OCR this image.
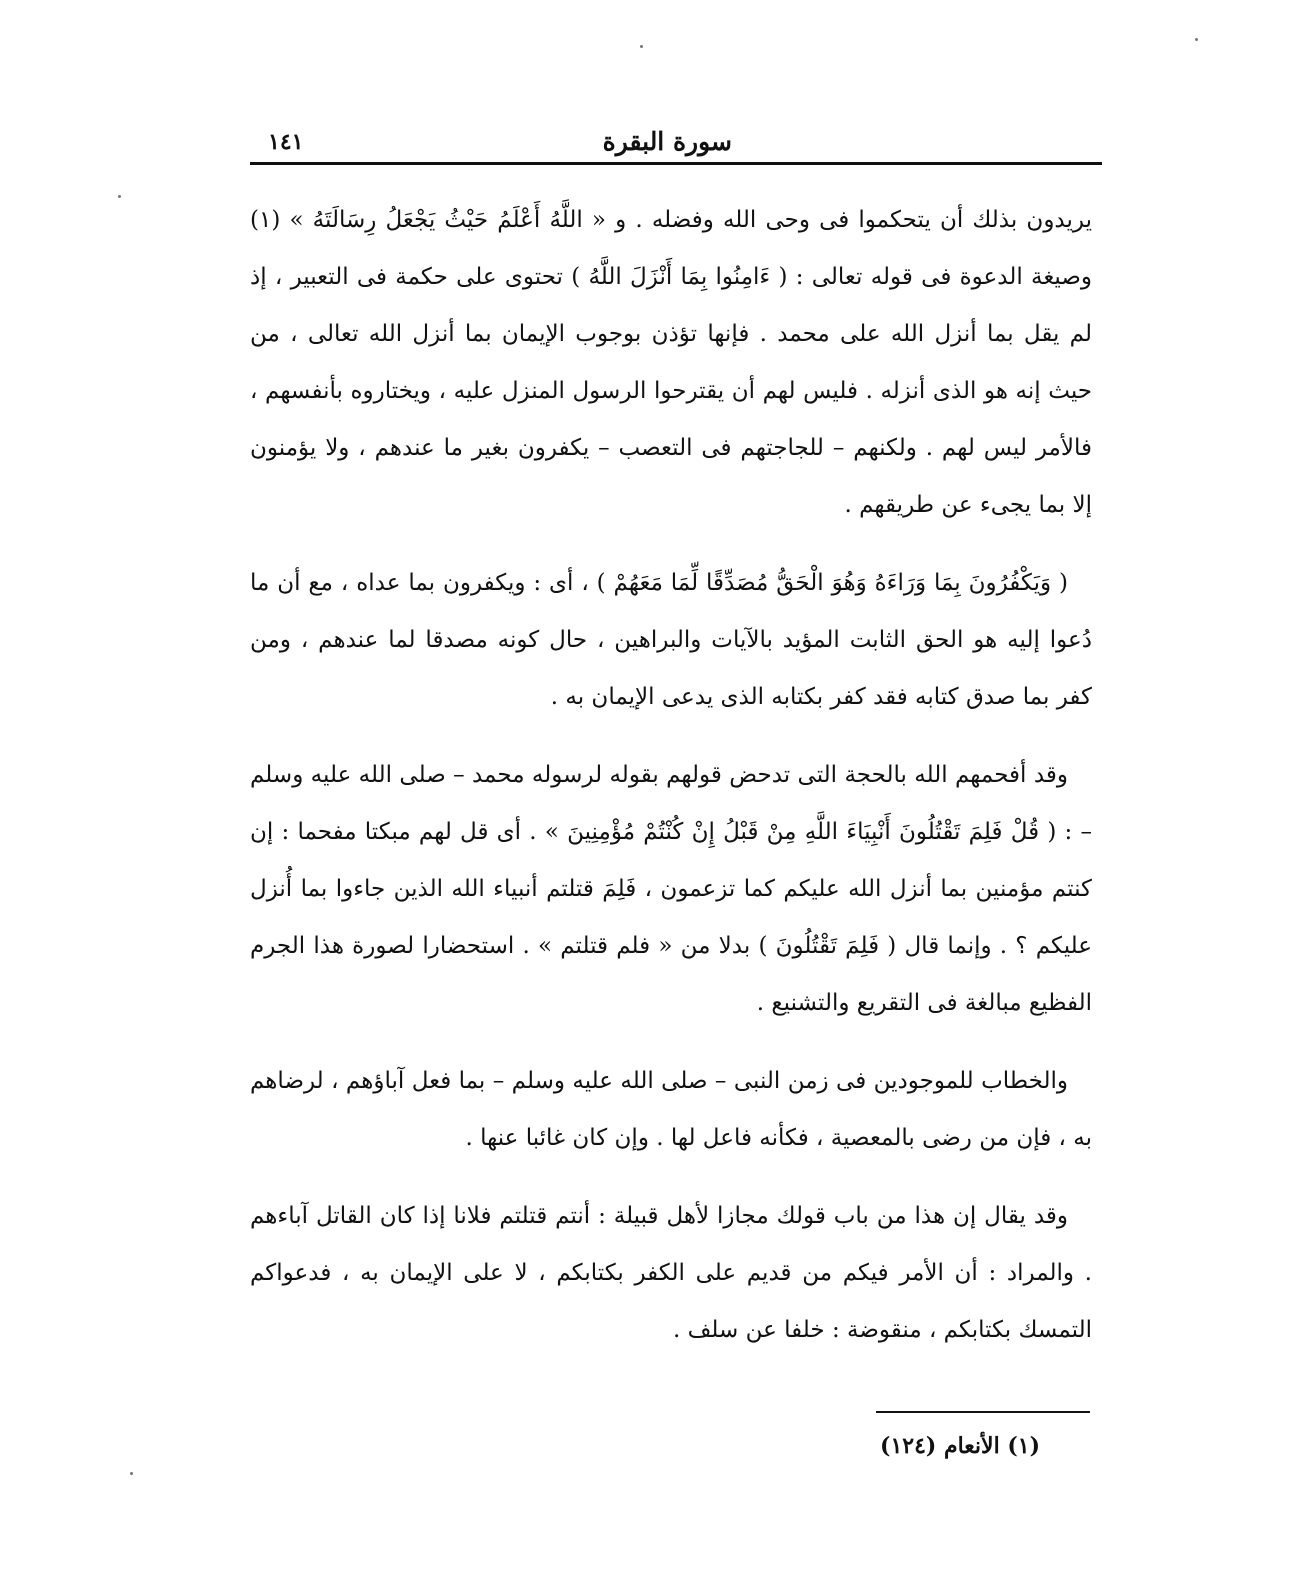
سورة البقرة
١٤١

يريدون بذلك أن يتحكموا فى وحى الله وفضله . و « اللَّهُ أَعْلَمُ حَيْثُ يَجْعَلُ رِسَالَتَهُ » (١) وصيغة الدعوة فى قوله تعالى : ( ءَامِنُوا بِمَا أَنْزَلَ اللَّهُ ) تحتوى على حكمة فى التعبير ، إذ لم يقل بما أنزل الله على محمد . فإنها تؤذن بوجوب الإيمان بما أنزل الله تعالى ، من حيث إنه هو الذى أنزله . فليس لهم أن يقترحوا الرسول المنزل عليه ، ويختاروه بأنفسهم ، فالأمر ليس لهم . ولكنهم – للجاجتهم فى التعصب – يكفرون بغير ما عندهم ، ولا يؤمنون إلا بما يجىء عن طريقهم .

( وَيَكْفُرُونَ بِمَا وَرَاءَهُ وَهُوَ الْحَقُّ مُصَدِّقًا لِّمَا مَعَهُمْ ) ، أى : ويكفرون بما عداه ، مع أن ما دُعوا إليه هو الحق الثابت المؤيد بالآيات والبراهين ، حال كونه مصدقا لما عندهم ، ومن كفر بما صدق كتابه فقد كفر بكتابه الذى يدعى الإيمان به .

وقد أفحمهم الله بالحجة التى تدحض قولهم بقوله لرسوله محمد – صلى الله عليه وسلم – : ( قُلْ فَلِمَ تَقْتُلُونَ أَنْبِيَاءَ اللَّهِ مِنْ قَبْلُ إِنْ كُنْتُمْ مُؤْمِنِينَ » . أى قل لهم مبكتا مفحما : إن كنتم مؤمنين بما أنزل الله عليكم كما تزعمون ، فَلِمَ قتلتم أنبياء الله الذين جاءوا بما أُنزل عليكم ؟ . وإنما قال ( فَلِمَ تَقْتُلُونَ ) بدلا من « فلم قتلتم » . استحضارا لصورة هذا الجرم الفظيع مبالغة فى التقريع والتشنيع .

والخطاب للموجودين فى زمن النبى – صلى الله عليه وسلم – بما فعل آباؤهم ، لرضاهم به ، فإن من رضى بالمعصية ، فكأنه فاعل لها . وإن كان غائبا عنها .

وقد يقال إن هذا من باب قولك مجازا لأهل قبيلة : أنتم قتلتم فلانا إذا كان القاتل آباءهم . والمراد : أن الأمر فيكم من قديم على الكفر بكتابكم ، لا على الإيمان به ، فدعواكم التمسك بكتابكم ، منقوضة : خلفا عن سلف .

(١) الأنعام (١٢٤)
